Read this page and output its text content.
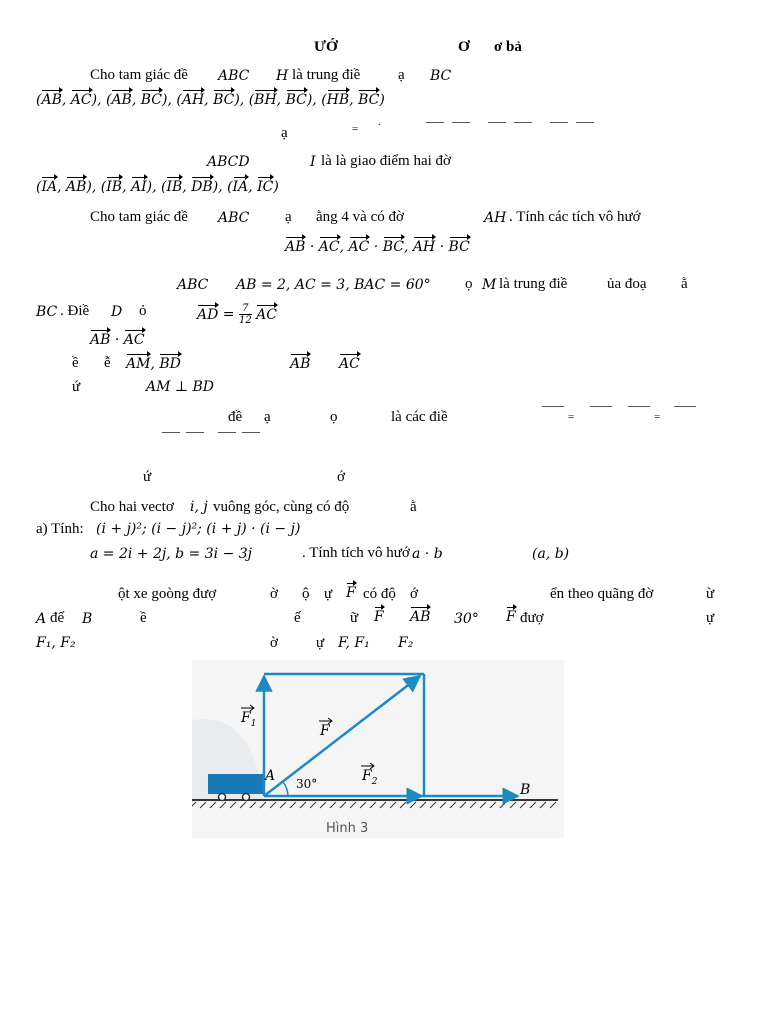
ƯỚ	Ơ ơ bả
Cho tam giác đề ABC H là trung điề	ạ BC
(AB, AC), (AB, BC), (AH, BC), (BH, BC), (HB, BC)
ạ	=
.
ABCD	I là là giao điểm hai đờ
(IA, AB), (IB, AI), (IB, DB), (IA, IC)
Cho tam giác đề ABC ạ ằng 4 và có đờ	AH . Tính các tích vô hướ
AB · AC, AC · BC, AH · BC
ABC AB = 2, AC = 3, BAC = 60° ọ M là trung điề	ủa đoạ ằ
BC . Điề D ỏ	AD = $\frac{7}{12}$ AC
AB · AC
ề ễ AM, BD	AB AC
ứ	AM ⊥ BD
đề ạ	ọ	là các điề	=	=
ứ	ớ
Cho hai vectơ i, j vuông góc, cùng có độ	ằ
a) Tính: (i + j)²; (i − j)²; (i + j) · (i − j)
a = 2i + 2j, b = 3i − 3j	. Tính tích vô hướ a · b	(a, b)
ột xe goòng đượ	ờ ộ ự F có độ ớ	ển theo quãng đờ	ừ
A đế B	ề	ế	ữ F AB 30° F đượ	ự
F₁, F₂	ờ	ự F, F₁ F₂
$F_1$	F
$F_2$
A 30°	B
Hình 3
